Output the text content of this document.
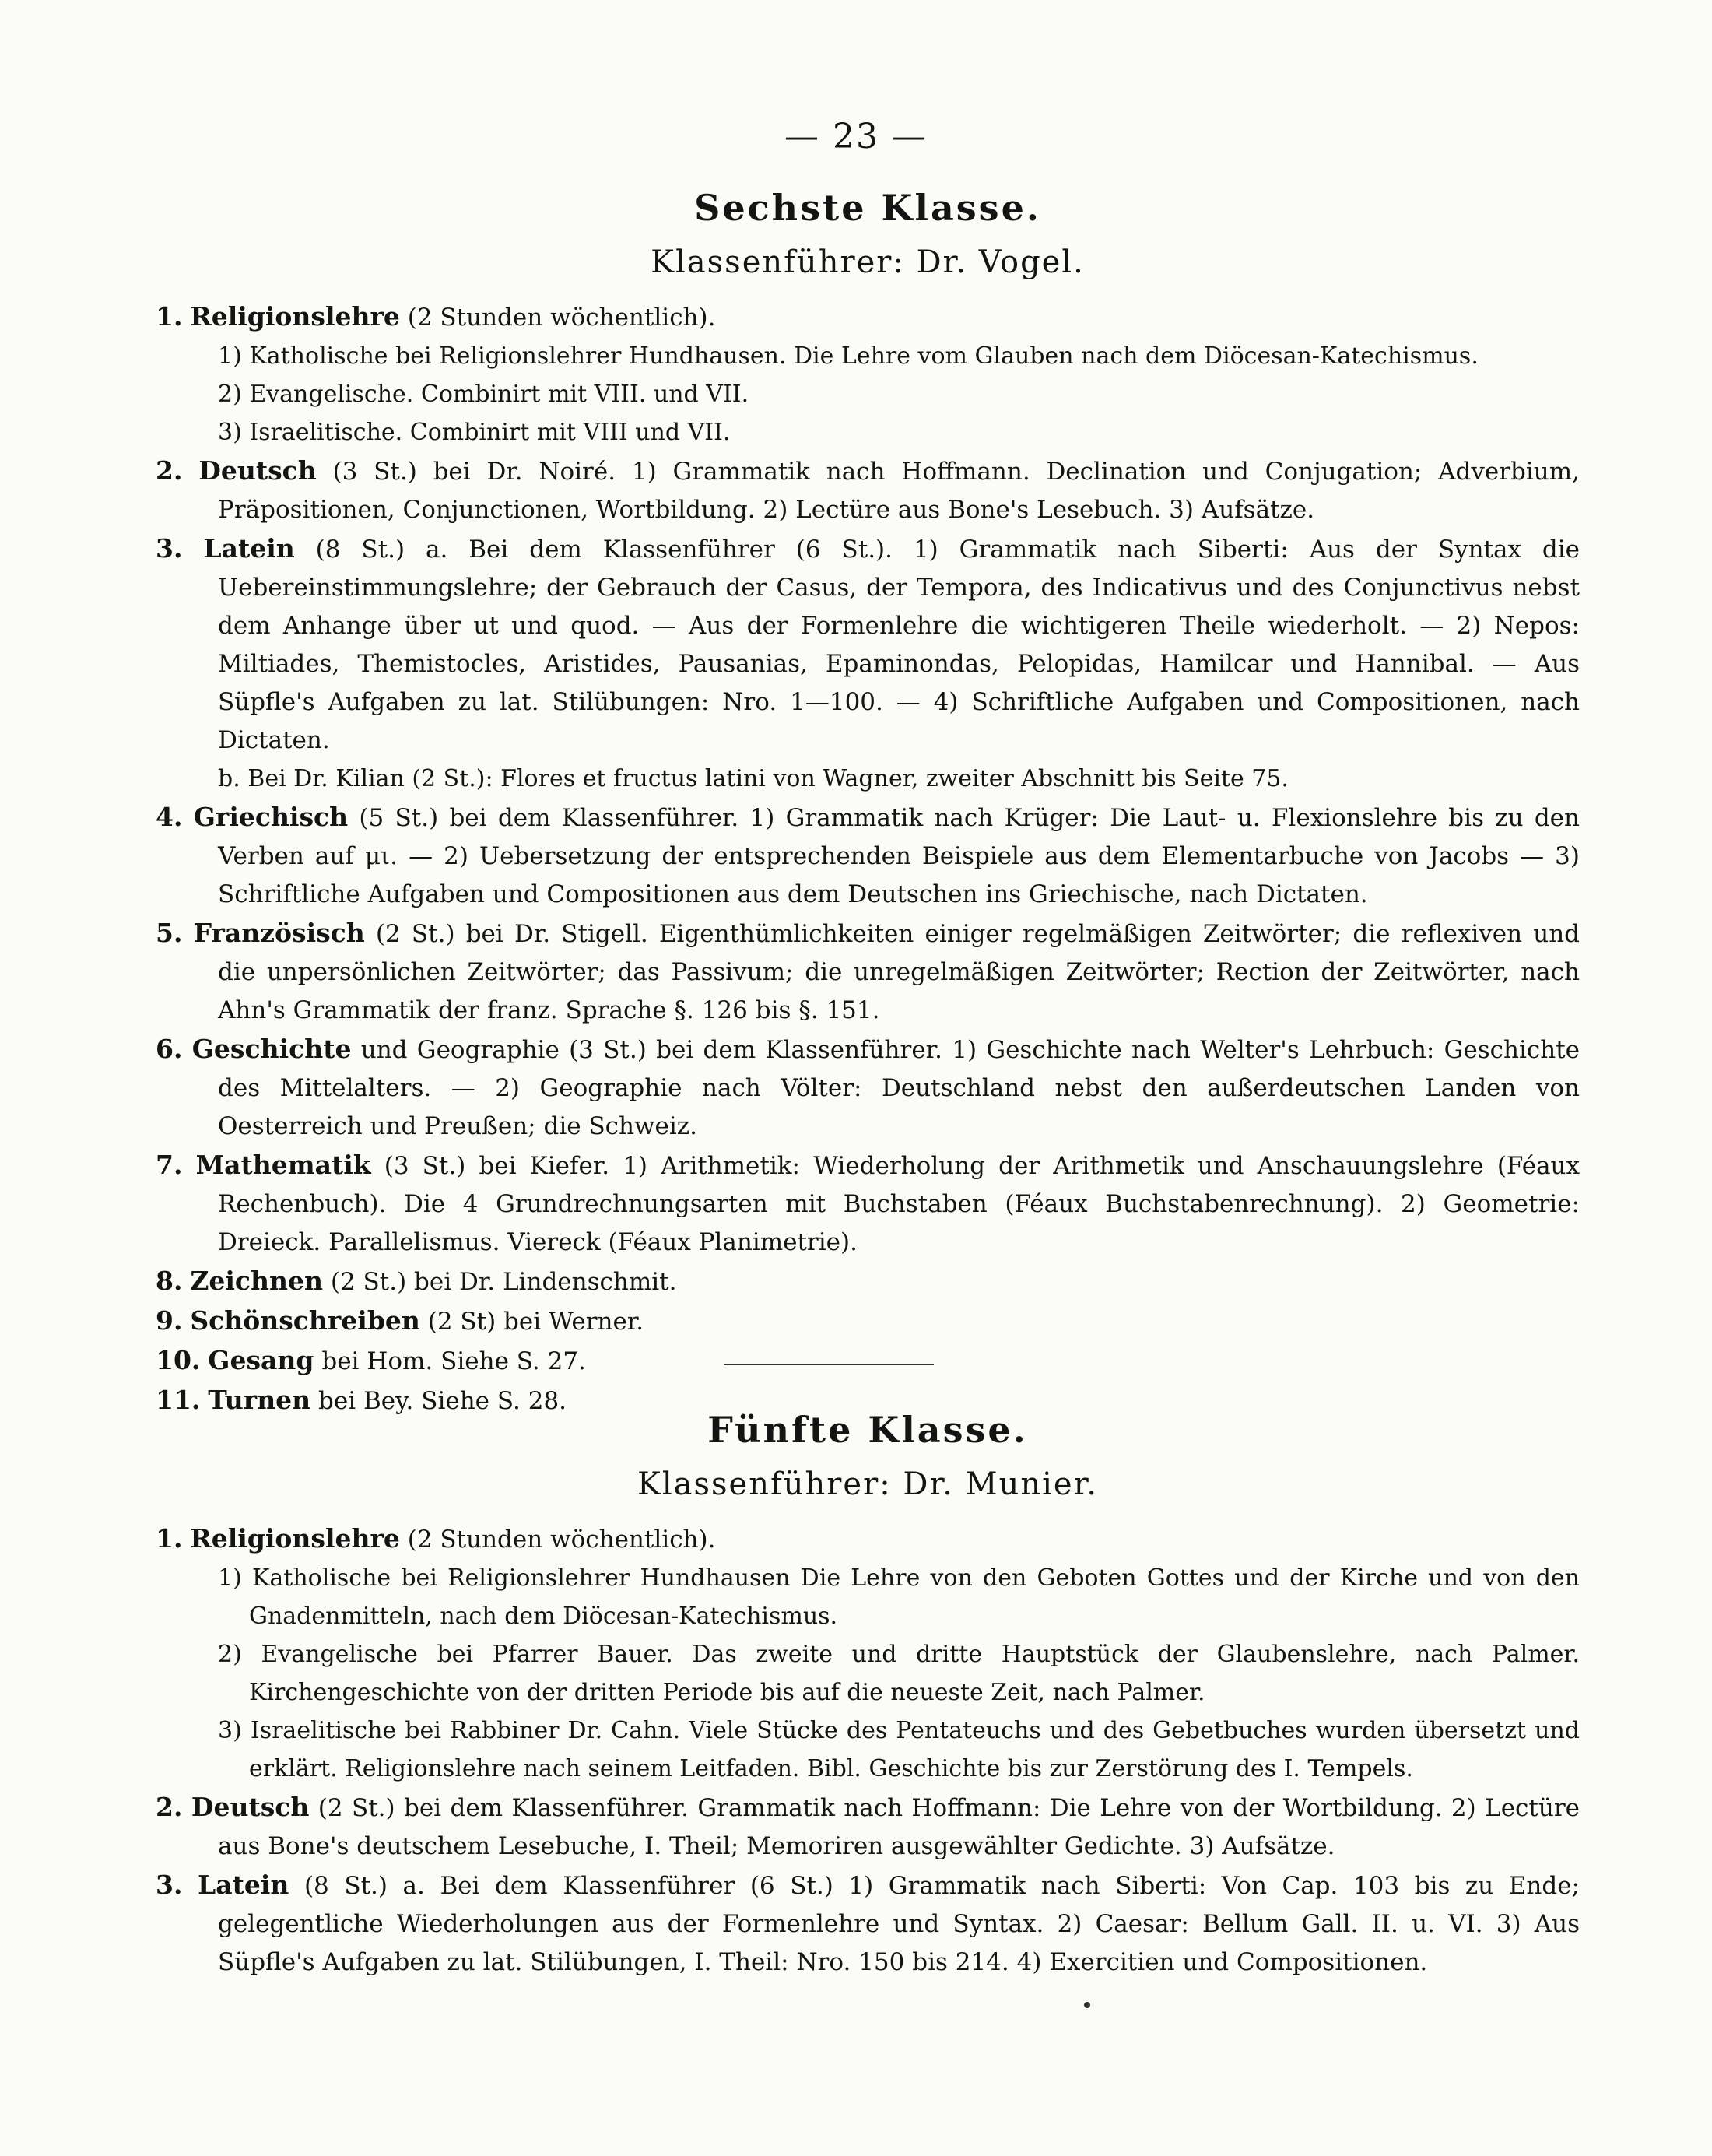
— 23 —
Sechste Klasse.
Klassenführer: Dr. Vogel.

1. Religionslehre (2 Stunden wöchentlich).

1) Katholische bei Religionslehrer Hundhausen. Die Lehre vom Glauben nach dem Diöcesan-Katechismus.

2) Evangelische. Combinirt mit VIII. und VII.

3) Israelitische. Combinirt mit VIII und VII.

2. Deutsch (3 St.) bei Dr. Noiré. 1) Grammatik nach Hoffmann. Declination und Conjugation; Adverbium, Präpositionen, Conjunctionen, Wortbildung. 2) Lectüre aus Bone's Lesebuch. 3) Aufsätze.

3. Latein (8 St.) a. Bei dem Klassenführer (6 St.). 1) Grammatik nach Siberti: Aus der Syntax die Uebereinstimmungslehre; der Gebrauch der Casus, der Tempora, des Indicativus und des Conjunctivus nebst dem Anhange über ut und quod. — Aus der Formenlehre die wichtigeren Theile wiederholt. — 2) Nepos: Miltiades, Themistocles, Aristides, Pausanias, Epaminondas, Pelopidas, Hamilcar und Hannibal. — Aus Süpfle's Aufgaben zu lat. Stilübungen: Nro. 1—100. — 4) Schriftliche Aufgaben und Compositionen, nach Dictaten.

b. Bei Dr. Kilian (2 St.): Flores et fructus latini von Wagner, zweiter Abschnitt bis Seite 75.

4. Griechisch (5 St.) bei dem Klassenführer. 1) Grammatik nach Krüger: Die Laut- u. Flexionslehre bis zu den Verben auf μι. — 2) Uebersetzung der entsprechenden Beispiele aus dem Elementarbuche von Jacobs — 3) Schriftliche Aufgaben und Compositionen aus dem Deutschen ins Griechische, nach Dictaten.

5. Französisch (2 St.) bei Dr. Stigell. Eigenthümlichkeiten einiger regelmäßigen Zeitwörter; die reflexiven und die unpersönlichen Zeitwörter; das Passivum; die unregelmäßigen Zeitwörter; Rection der Zeitwörter, nach Ahn's Grammatik der franz. Sprache §. 126 bis §. 151.

6. Geschichte und Geographie (3 St.) bei dem Klassenführer. 1) Geschichte nach Welter's Lehrbuch: Geschichte des Mittelalters. — 2) Geographie nach Völter: Deutschland nebst den außerdeutschen Landen von Oesterreich und Preußen; die Schweiz.

7. Mathematik (3 St.) bei Kiefer. 1) Arithmetik: Wiederholung der Arithmetik und Anschauungslehre (Féaux Rechenbuch). Die 4 Grundrechnungsarten mit Buchstaben (Féaux Buchstabenrechnung). 2) Geometrie: Dreieck. Parallelismus. Viereck (Féaux Planimetrie).

8. Zeichnen (2 St.) bei Dr. Lindenschmit.

9. Schönschreiben (2 St) bei Werner.

10. Gesang bei Hom. Siehe S. 27.

11. Turnen bei Bey. Siehe S. 28.

Fünfte Klasse.
Klassenführer: Dr. Munier.

1. Religionslehre (2 Stunden wöchentlich).

1) Katholische bei Religionslehrer Hundhausen Die Lehre von den Geboten Gottes und der Kirche und von den Gnadenmitteln, nach dem Diöcesan-Katechismus.

2) Evangelische bei Pfarrer Bauer. Das zweite und dritte Hauptstück der Glaubenslehre, nach Palmer. Kirchengeschichte von der dritten Periode bis auf die neueste Zeit, nach Palmer.

3) Israelitische bei Rabbiner Dr. Cahn. Viele Stücke des Pentateuchs und des Gebetbuches wurden übersetzt und erklärt. Religionslehre nach seinem Leitfaden. Bibl. Geschichte bis zur Zerstörung des I. Tempels.

2. Deutsch (2 St.) bei dem Klassenführer. Grammatik nach Hoffmann: Die Lehre von der Wortbildung. 2) Lectüre aus Bone's deutschem Lesebuche, I. Theil; Memoriren ausgewählter Gedichte. 3) Aufsätze.

3. Latein (8 St.) a. Bei dem Klassenführer (6 St.) 1) Grammatik nach Siberti: Von Cap. 103 bis zu Ende; gelegentliche Wiederholungen aus der Formenlehre und Syntax. 2) Caesar: Bellum Gall. II. u. VI. 3) Aus Süpfle's Aufgaben zu lat. Stilübungen, I. Theil: Nro. 150 bis 214. 4) Exercitien und Compositionen.
